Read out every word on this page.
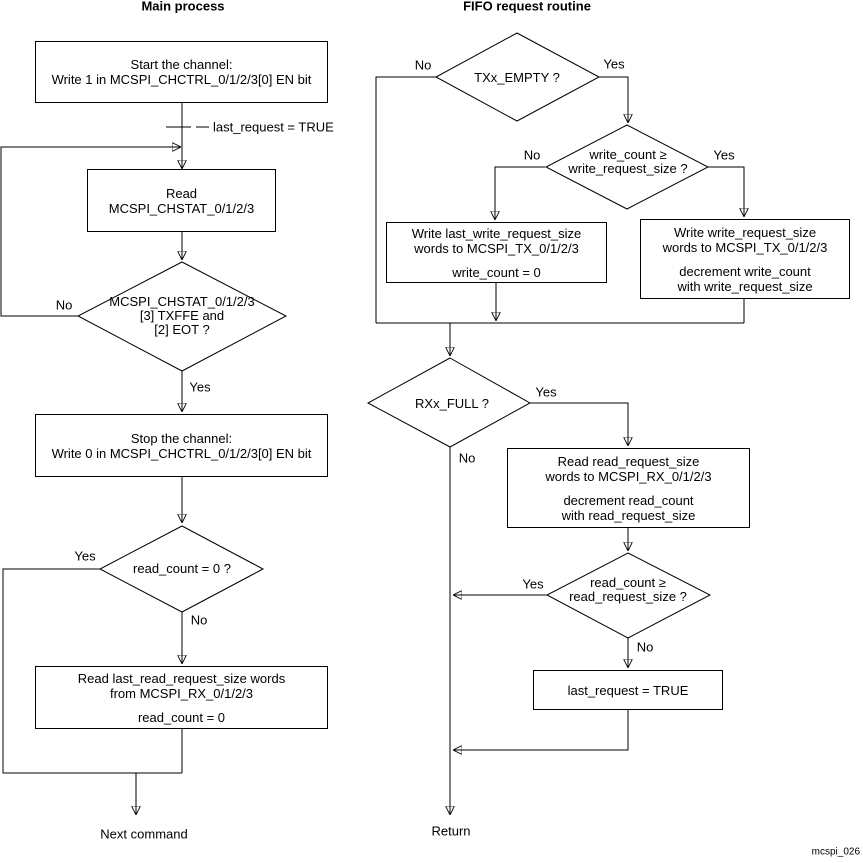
Main process	FIFO request routine
Start the channel:
Write 1 in MCSPI_CHCTRL_0/1/2/3[0] EN bit
last_request = TRUE
Read
MCSPI_CHSTAT_0/1/2/3
MCSPI_CHSTAT_0/1/2/3
[3] TXFFE and
[2] EOT ?
No
Yes
Stop the channel:
Write 0 in MCSPI_CHCTRL_0/1/2/3[0] EN bit
read_count = 0 ?
Yes
No
Read last_read_request_size words
from MCSPI_RX_0/1/2/3
read_count = 0
Next command
TXx_EMPTY ?
No	Yes
write_count ≥
write_request_size ?
No	Yes
Write last_write_request_size
words to MCSPI_TX_0/1/2/3
write_count = 0
Write write_request_size
words to MCSPI_TX_0/1/2/3
decrement write_count
with write_request_size
RXx_FULL ?
Yes
No	Read read_request_size
words to MCSPI_RX_0/1/2/3
decrement read_count
with read_request_size
read_count ≥
read_request_size ?
Yes
No
last_request = TRUE
Return
mcspi_026
